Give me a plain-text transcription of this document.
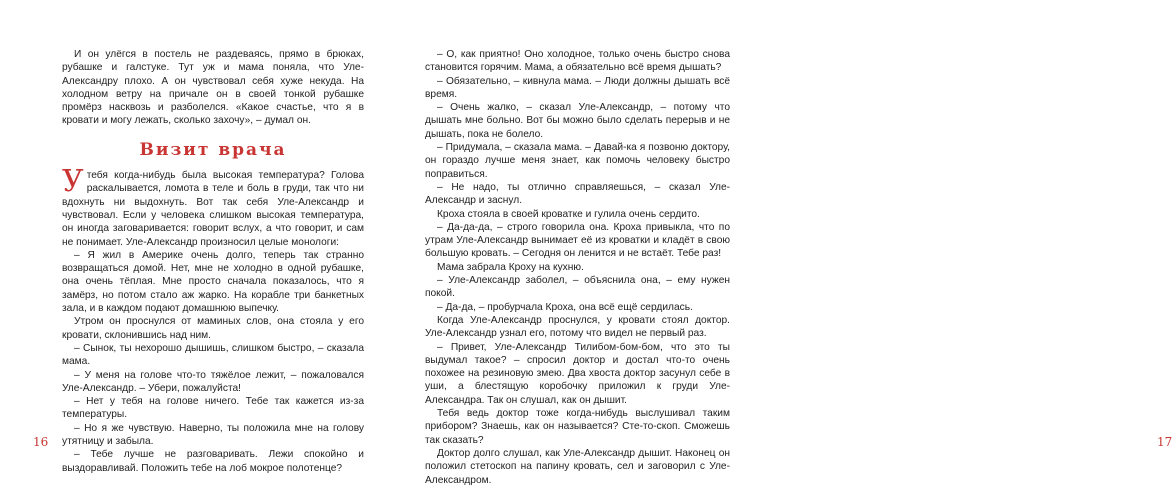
И он улёгся в постель не раздеваясь, прямо в брюках, рубашке и галстуке. Тут уж и мама поняла, что Уле-Александру плохо. А он чувствовал себя хуже некуда. На холодном ветру на причале он в своей тонкой рубашке промёрз насквозь и разболелся. «Какое счастье, что я в кровати и могу лежать, сколько захочу», – думал он.

Визит врача

Утебя когда-нибудь была высокая температура? Голова раскалывается, ломота в теле и боль в груди, так что ни вдохнуть ни выдохнуть. Вот так себя Уле-Александр и чувствовал. Если у человека слишком высокая температура, он иногда заговаривается: говорит вслух, а что говорит, и сам не понимает. Уле-Александр произносил целые монологи:

– Я жил в Америке очень долго, теперь так странно возвращаться домой. Нет, мне не холодно в одной рубашке, она очень тёплая. Мне просто сначала показалось, что я замёрз, но потом стало аж жарко. На корабле три банкетных зала, и в каждом подают домашнюю выпечку.

Утром он проснулся от маминых слов, она стояла у его кровати, склонившись над ним.

– Сынок, ты нехорошо дышишь, слишком быстро, – сказала мама.

– У меня на голове что-то тяжёлое лежит, – пожаловался Уле-Александр. – Убери, пожалуйста!

– Нет у тебя на голове ничего. Тебе так кажется из-за температуры.

– Но я же чувствую. Наверно, ты положила мне на голову утятницу и забыла.

– Тебе лучше не разговаривать. Лежи спокойно и выздоравливай. Положить тебе на лоб мокрое полотенце?

16	17

– О, как приятно! Оно холодное, только очень быстро снова становится горячим. Мама, а обязательно всё время дышать?

– Обязательно, – кивнула мама. – Люди должны дышать всё время.

– Очень жалко, – сказал Уле-Александр, – потому что дышать мне больно. Вот бы можно было сделать перерыв и не дышать, пока не болело.

– Придумала, – сказала мама. – Давай-ка я позвоню доктору, он гораздо лучше меня знает, как помочь человеку быстро поправиться.

– Не надо, ты отлично справляешься, – сказал Уле-Александр и заснул.

Кроха стояла в своей кроватке и гулила очень сердито.

– Да-да-да, – строго говорила она. Кроха привыкла, что по утрам Уле-Александр вынимает её из кроватки и кладёт в свою большую кровать. – Сегодня он ленится и не встаёт. Тебе раз!

Мама забрала Кроху на кухню.

– Уле-Александр заболел, – объяснила она, – ему нужен покой.

– Да-да, – пробурчала Кроха, она всё ещё сердилась.

Когда Уле-Александр проснулся, у кровати стоял доктор. Уле-Александр узнал его, потому что видел не первый раз.

– Привет, Уле-Александр Тилибом-бом-бом, что это ты выдумал такое? – спросил доктор и достал что-то очень похожее на резиновую змею. Два хвоста доктор засунул себе в уши, а блестящую коробочку приложил к груди Уле-Александра. Так он слушал, как он дышит.

Тебя ведь доктор тоже когда-нибудь выслушивал таким прибором? Знаешь, как он называется? Сте-то-скоп. Сможешь так сказать?

Доктор долго слушал, как Уле-Александр дышит. Наконец он положил стетоскоп на папину кровать, сел и заговорил с Уле-Александром.
